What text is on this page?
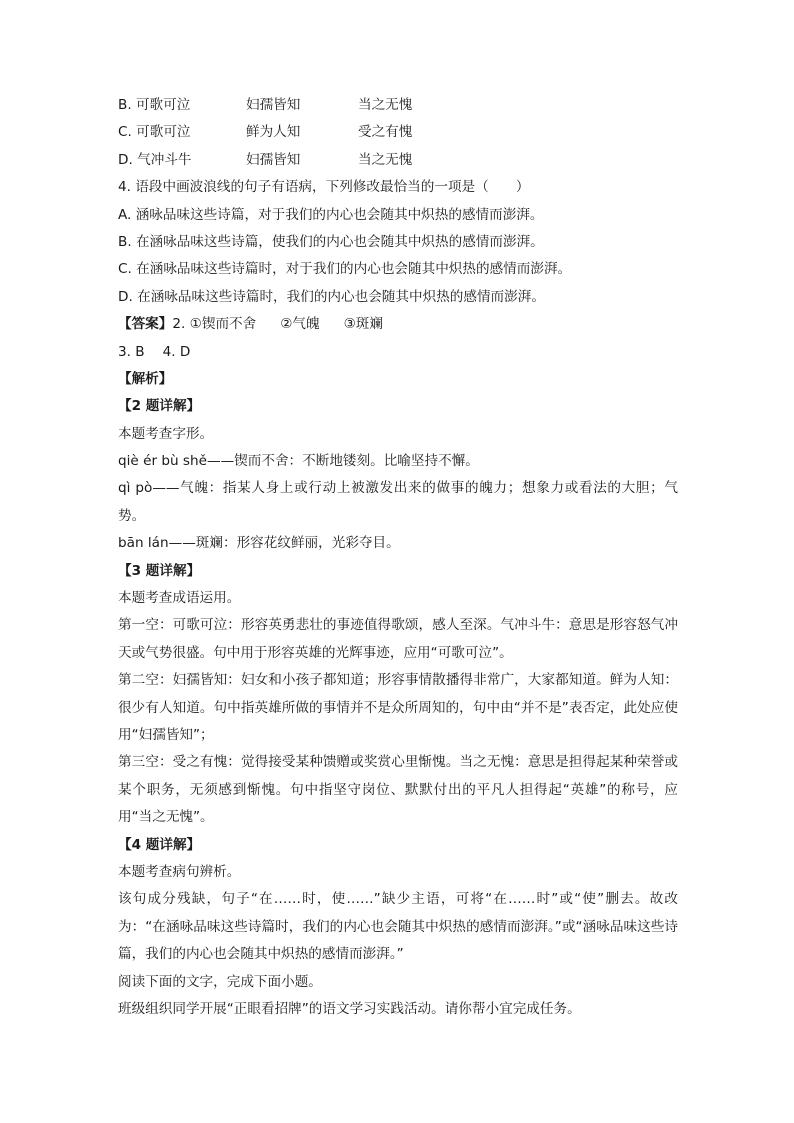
B. 可歌可泣	妇孺皆知	当之无愧
C. 可歌可泣	鲜为人知	受之有愧
D. 气冲斗牛	妇孺皆知	当之无愧
4. 语段中画波浪线的句子有语病，下列修改最恰当的一项是（　　）
A. 涵咏品味这些诗篇，对于我们的内心也会随其中炽热的感情而澎湃。
B. 在涵咏品味这些诗篇，使我们的内心也会随其中炽热的感情而澎湃。
C. 在涵咏品味这些诗篇时，对于我们的内心也会随其中炽热的感情而澎湃。
D. 在涵咏品味这些诗篇时，我们的内心也会随其中炽热的感情而澎湃。
【答案】2. ①锲而不舍 ②气魄 ③斑斓
3. B 4. D
【解析】
【2 题详解】
本题考查字形。
qiè ér bù shě——锲而不舍：不断地镂刻。比喻坚持不懈。
qì pò——气魄：指某人身上或行动上被激发出来的做事的魄力；想象力或看法的大胆；气势。
bān lán——斑斓：形容花纹鲜丽，光彩夺目。
【3 题详解】
本题考查成语运用。
第一空：可歌可泣：形容英勇悲壮的事迹值得歌颂，感人至深。气冲斗牛：意思是形容怒气冲天或气势很盛。句中用于形容英雄的光辉事迹，应用“可歌可泣”。
第二空：妇孺皆知：妇女和小孩子都知道；形容事情散播得非常广，大家都知道。鲜为人知：很少有人知道。句中指英雄所做的事情并不是众所周知的，句中由“并不是”表否定，此处应使用“妇孺皆知”；
第三空：受之有愧：觉得接受某种馈赠或奖赏心里惭愧。当之无愧：意思是担得起某种荣誉或某个职务，无须感到惭愧。句中指坚守岗位、默默付出的平凡人担得起“英雄”的称号，应用“当之无愧”。
【4 题详解】
本题考查病句辨析。
该句成分残缺，句子“在……时，使……”缺少主语，可将“在……时”或“使”删去。故改为：“在涵咏品味这些诗篇时，我们的内心也会随其中炽热的感情而澎湃。”或“涵咏品味这些诗篇，我们的内心也会随其中炽热的感情而澎湃。”
阅读下面的文字，完成下面小题。
班级组织同学开展“正眼看招牌”的语文学习实践活动。请你帮小宜完成任务。
